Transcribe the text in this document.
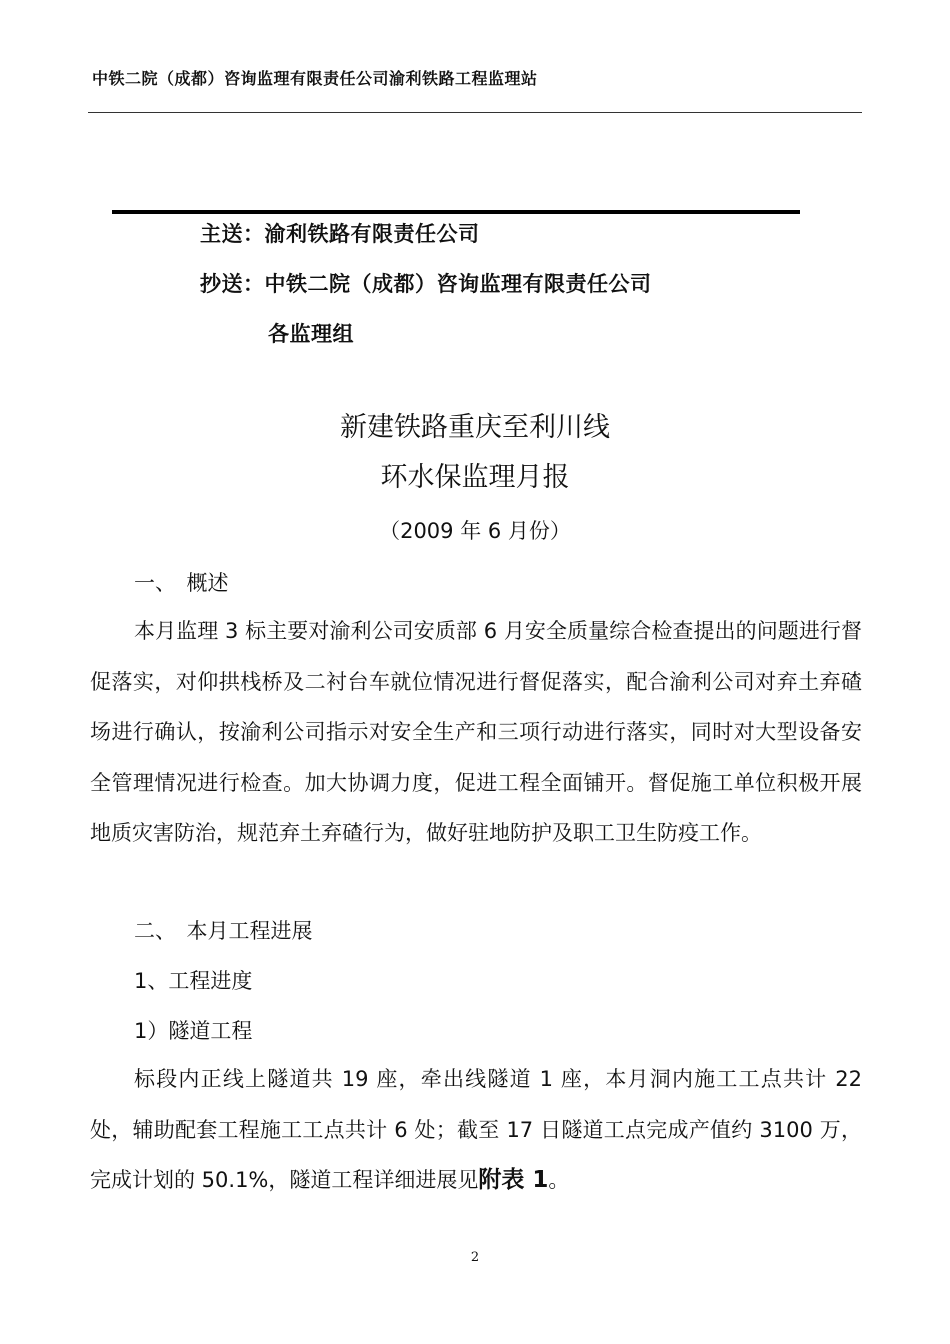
中铁二院（成都）咨询监理有限责任公司渝利铁路工程监理站
主送：渝利铁路有限责任公司
抄送：中铁二院（成都）咨询监理有限责任公司
各监理组
新建铁路重庆至利川线
环水保监理月报
（2009 年 6 月份）
一、　概述

本月监理 3 标主要对渝利公司安质部 6 月安全质量综合检查提出的问题进行督促落实，对仰拱栈桥及二衬台车就位情况进行督促落实，配合渝利公司对弃土弃碴场进行确认，按渝利公司指示对安全生产和三项行动进行落实，同时对大型设备安全管理情况进行检查。加大协调力度，促进工程全面铺开。督促施工单位积极开展地质灾害防治，规范弃土弃碴行为，做好驻地防护及职工卫生防疫工作。

二、　本月工程进展
1、工程进度
1）隧道工程

标段内正线上隧道共 19 座，牵出线隧道 1 座，本月洞内施工工点共计 22 处，辅助配套工程施工工点共计 6 处；截至 17 日隧道工点完成产值约 3100 万，完成计划的 50.1%，隧道工程详细进展见附表 1。

2
